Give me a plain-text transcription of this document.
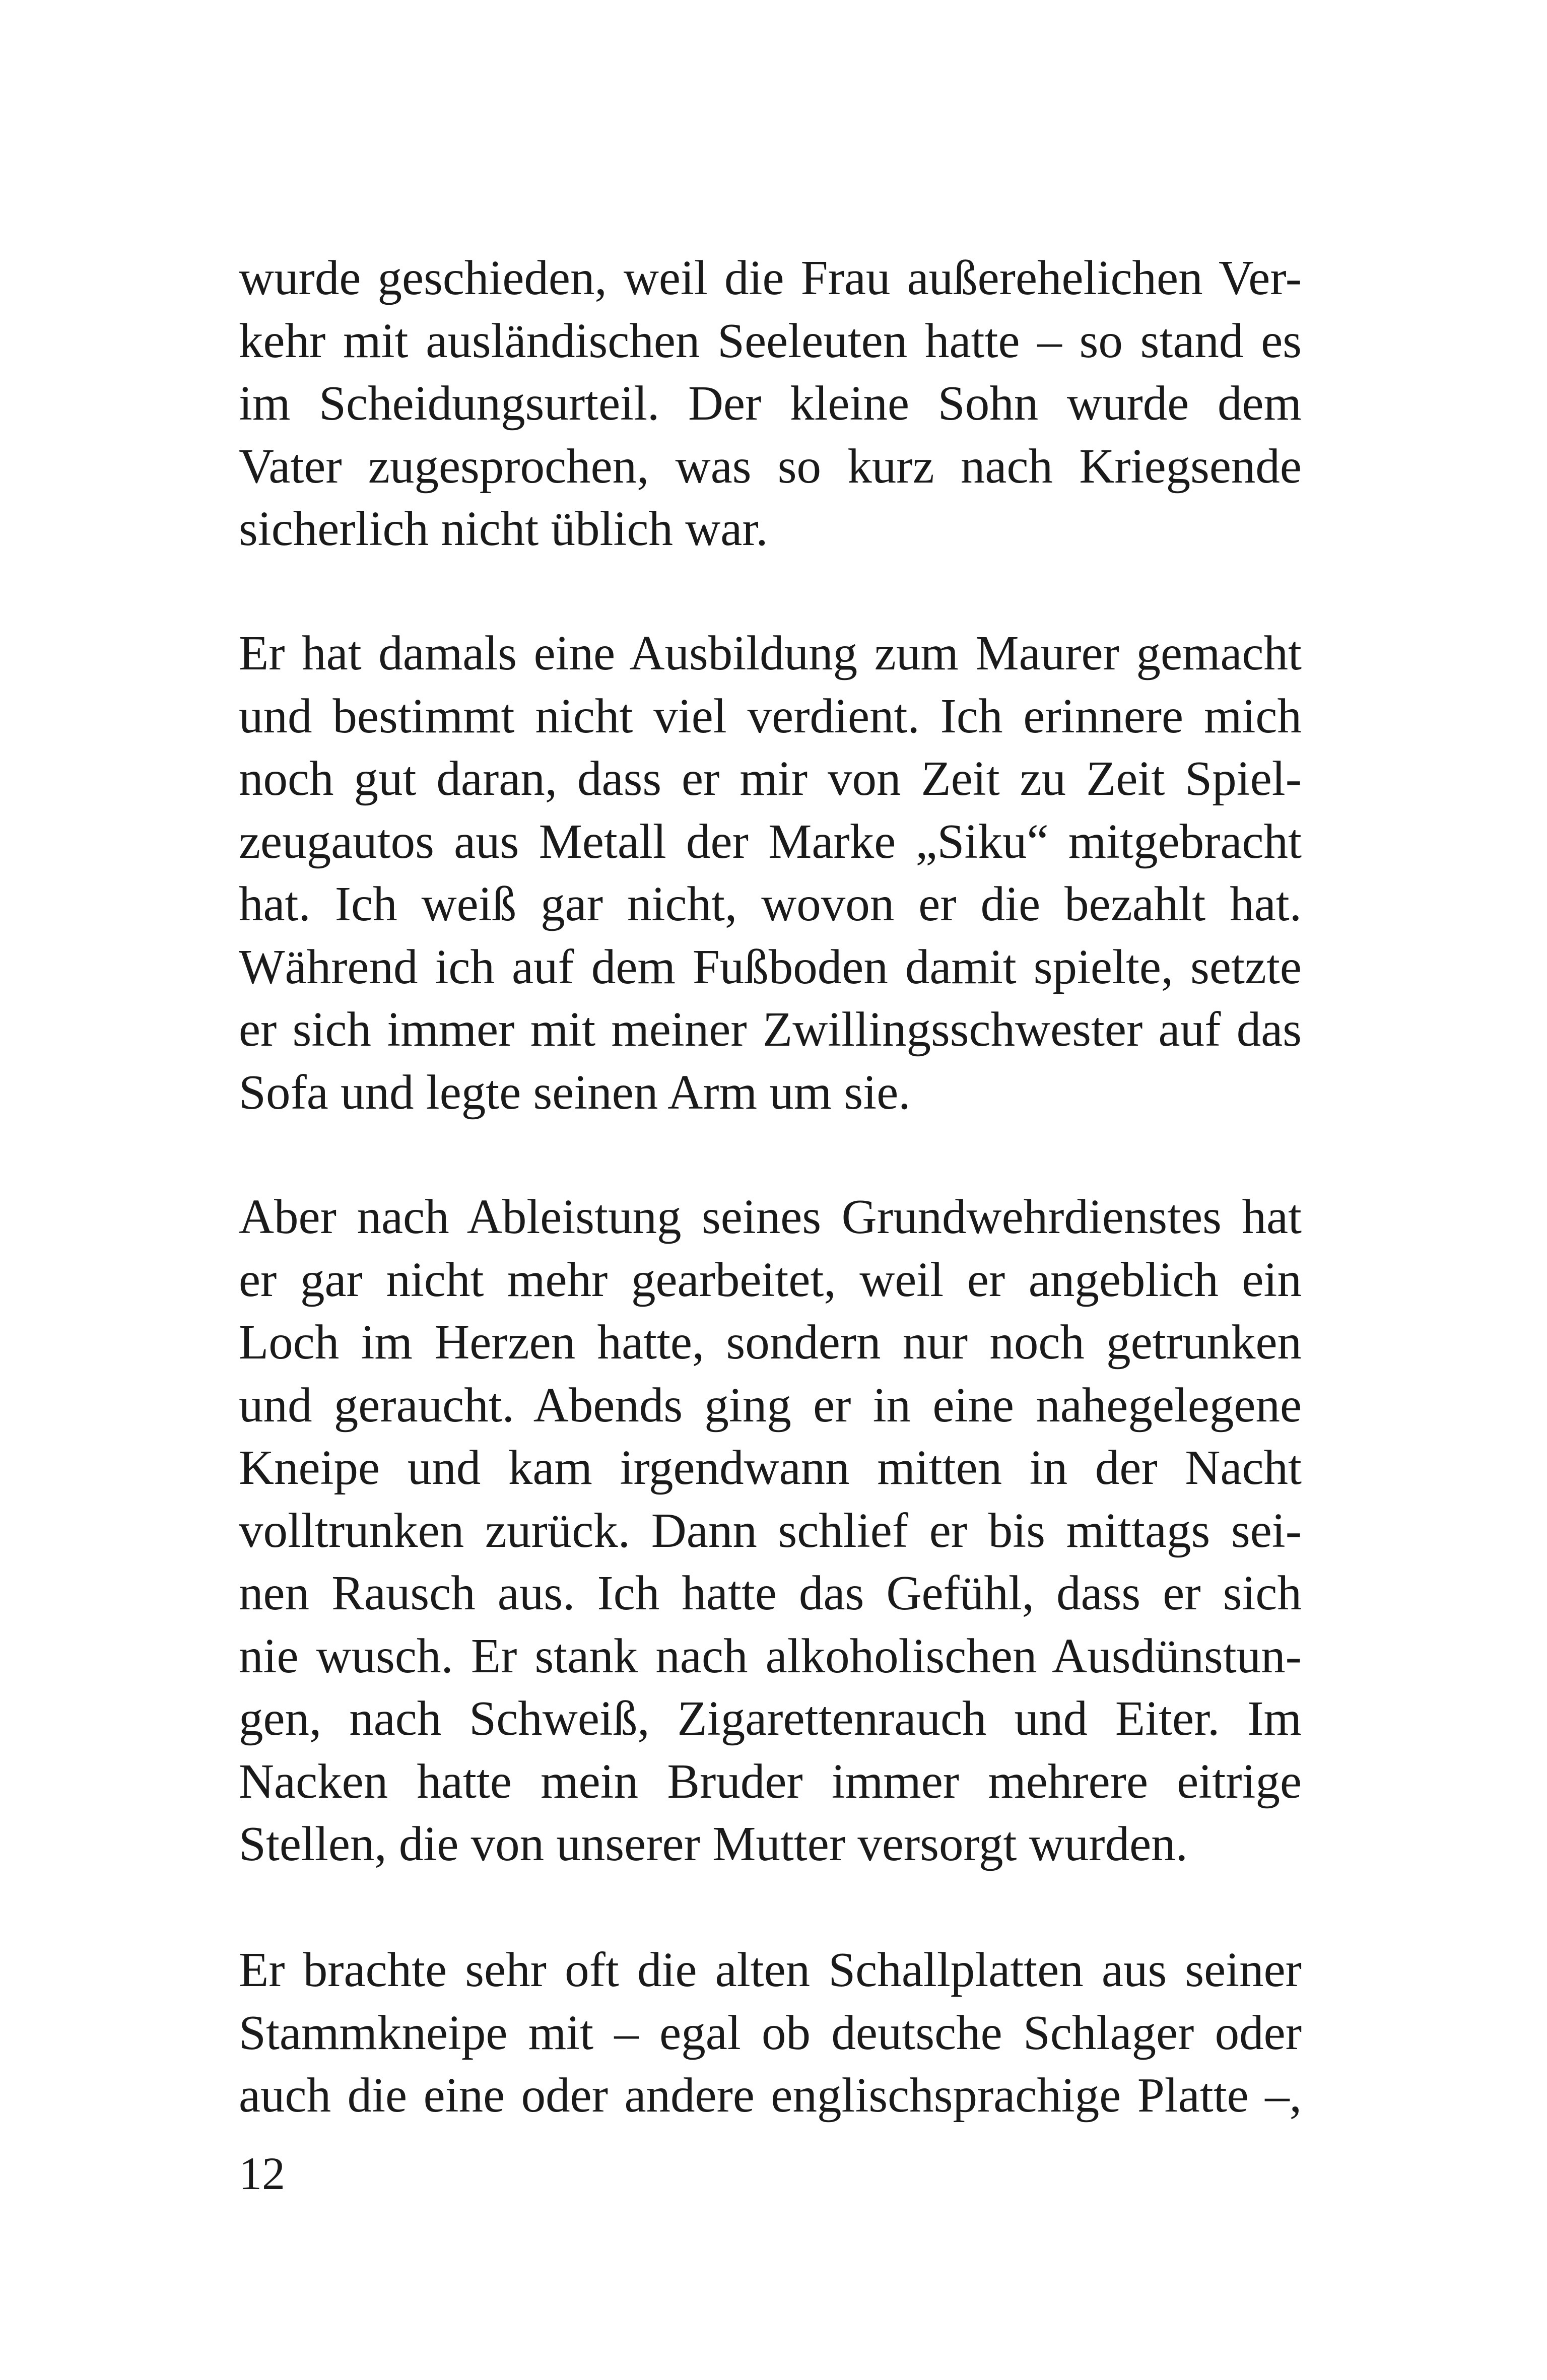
wurde geschieden, weil die Frau außerehelichen Ver-
kehr mit ausländischen Seeleuten hatte – so stand es
im Scheidungsurteil. Der kleine Sohn wurde dem
Vater zugesprochen, was so kurz nach Kriegsende
sicherlich nicht üblich war.
Er hat damals eine Ausbildung zum Maurer gemacht
und bestimmt nicht viel verdient. Ich erinnere mich
noch gut daran, dass er mir von Zeit zu Zeit Spiel-
zeugautos aus Metall der Marke „Siku“ mitgebracht
hat. Ich weiß gar nicht, wovon er die bezahlt hat.
Während ich auf dem Fußboden damit spielte, setzte
er sich immer mit meiner Zwillingsschwester auf das
Sofa und legte seinen Arm um sie.
Aber nach Ableistung seines Grundwehrdienstes hat
er gar nicht mehr gearbeitet, weil er angeblich ein
Loch im Herzen hatte, sondern nur noch getrunken
und geraucht. Abends ging er in eine nahegelegene
Kneipe und kam irgendwann mitten in der Nacht
volltrunken zurück. Dann schlief er bis mittags sei-
nen Rausch aus. Ich hatte das Gefühl, dass er sich
nie wusch. Er stank nach alkoholischen Ausdünstun-
gen, nach Schweiß, Zigarettenrauch und Eiter. Im
Nacken hatte mein Bruder immer mehrere eitrige
Stellen, die von unserer Mutter versorgt wurden.
Er brachte sehr oft die alten Schallplatten aus seiner
Stammkneipe mit – egal ob deutsche Schlager oder
auch die eine oder andere englischsprachige Platte –,
12
